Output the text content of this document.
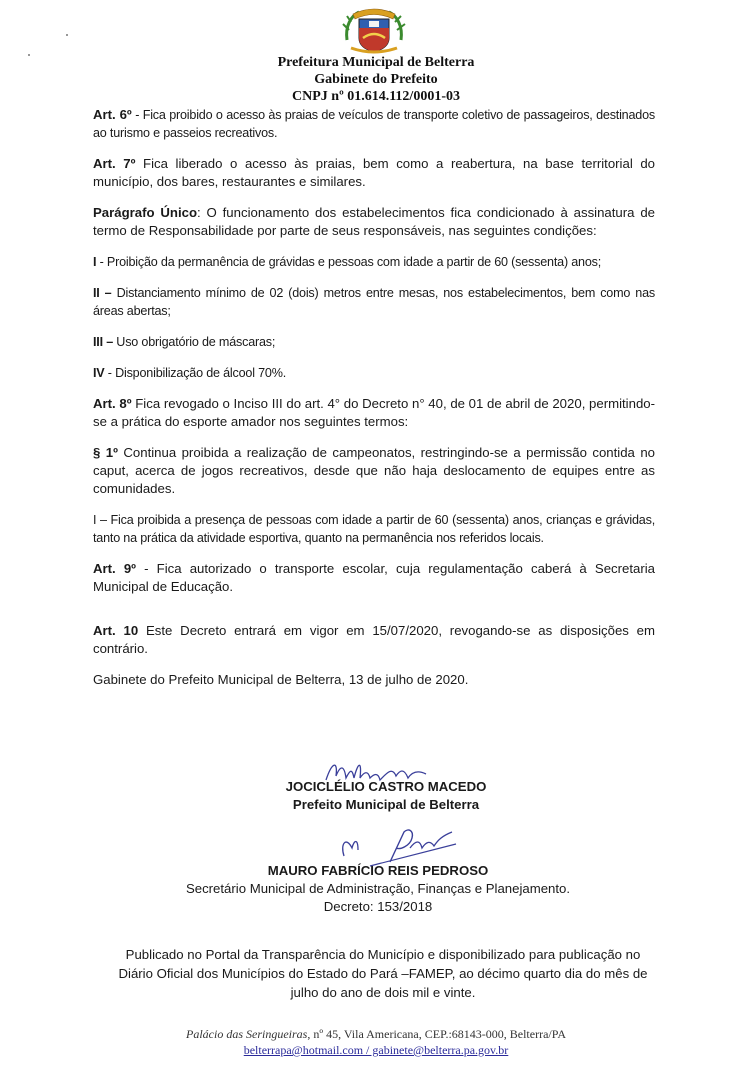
Prefeitura Municipal de Belterra
Gabinete do Prefeito
CNPJ nº 01.614.112/0001-03

Art. 6º - Fica proibido o acesso às praias de veículos de transporte coletivo de passageiros, destinados ao turismo e passeios recreativos.

Art. 7º Fica liberado o acesso às praias, bem como a reabertura, na base territorial do município, dos bares, restaurantes e similares.

Parágrafo Único: O funcionamento dos estabelecimentos fica condicionado à assinatura de termo de Responsabilidade por parte de seus responsáveis, nas seguintes condições:

I - Proibição da permanência de grávidas e pessoas com idade a partir de 60 (sessenta) anos;

II – Distanciamento mínimo de 02 (dois) metros entre mesas, nos estabelecimentos, bem como nas áreas abertas;

III – Uso obrigatório de máscaras;

IV - Disponibilização de álcool 70%.

Art. 8º Fica revogado o Inciso III do art. 4° do Decreto n° 40, de 01 de abril de 2020, permitindo-se a prática do esporte amador nos seguintes termos:

§ 1º Continua proibida a realização de campeonatos, restringindo-se a permissão contida no caput, acerca de jogos recreativos, desde que não haja deslocamento de equipes entre as comunidades.

I – Fica proibida a presença de pessoas com idade a partir de 60 (sessenta) anos, crianças e grávidas, tanto na prática da atividade esportiva, quanto na permanência nos referidos locais.

Art. 9º - Fica autorizado o transporte escolar, cuja regulamentação caberá à Secretaria Municipal de Educação.

Art. 10 Este Decreto entrará em vigor em 15/07/2020, revogando-se as disposições em contrário.

Gabinete do Prefeito Municipal de Belterra, 13 de julho de 2020.

JOCICLÉLIO CASTRO MACEDO
Prefeito Municipal de Belterra
MAURO FABRÍCIO REIS PEDROSO
Secretário Municipal de Administração, Finanças e Planejamento.
Decreto: 153/2018
Publicado no Portal da Transparência do Município e disponibilizado para publicação no Diário Oficial dos Municípios do Estado do Pará –FAMEP, ao décimo quarto dia do mês de julho do ano de dois mil e vinte.
Palácio das Seringueiras, nº 45, Vila Americana, CEP.:68143-000, Belterra/PA
belterrapa@hotmail.com / gabinete@belterra.pa.gov.br
